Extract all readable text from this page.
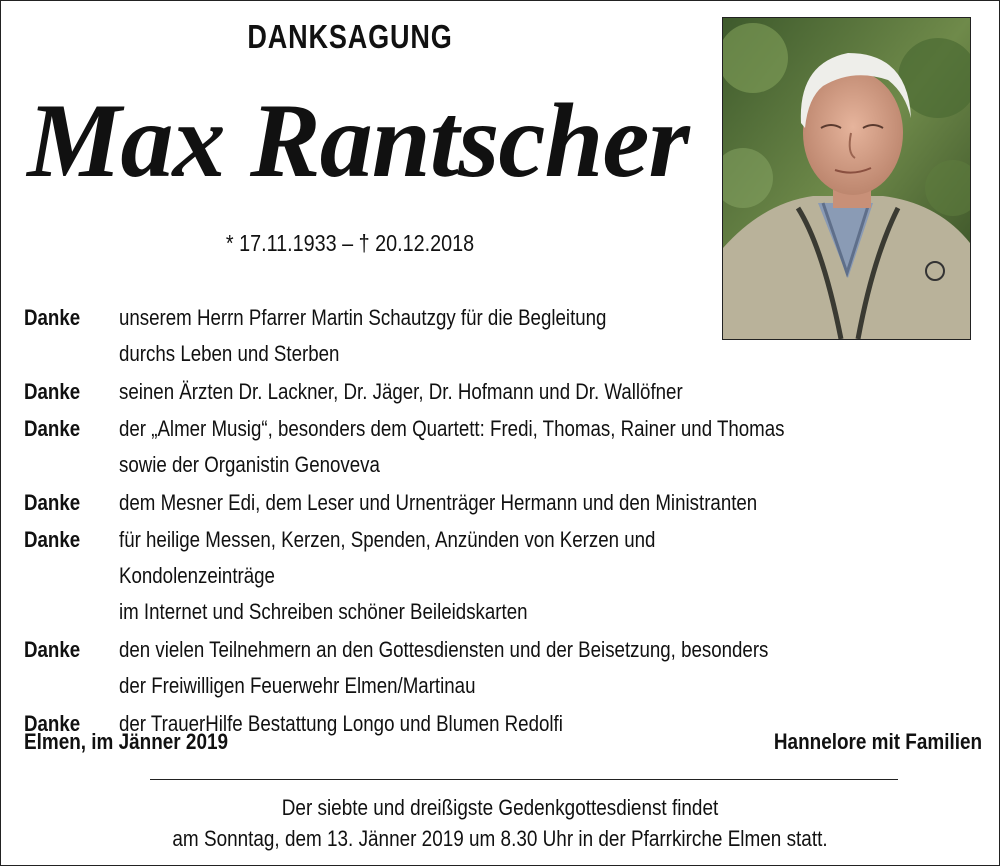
DANKSAGUNG
Max Rantscher
* 17.11.1933 – † 20.12.2018
Danke	unserem Herrn Pfarrer Martin Schautzgy für die Begleitung
durchs Leben und Sterben
Danke	seinen Ärzten Dr. Lackner, Dr. Jäger, Dr. Hofmann und Dr. Wallöfner
Danke	der „Almer Musig“, besonders dem Quartett: Fredi, Thomas, Rainer und Thomas
sowie der Organistin Genoveva
Danke	dem Mesner Edi, dem Leser und Urnenträger Hermann und den Ministranten
Danke	für heilige Messen, Kerzen, Spenden, Anzünden von Kerzen und Kondolenzeinträge
im Internet und Schreiben schöner Beileidskarten
Danke	den vielen Teilnehmern an den Gottesdiensten und der Beisetzung, besonders
der Freiwilligen Feuerwehr Elmen/Martinau
Danke	der TrauerHilfe Bestattung Longo und Blumen Redolfi
Elmen, im Jänner 2019	Hannelore mit Familien
Der siebte und dreißigste Gedenkgottesdienst findet
am Sonntag, dem 13. Jänner 2019 um 8.30 Uhr in der Pfarrkirche Elmen statt.
